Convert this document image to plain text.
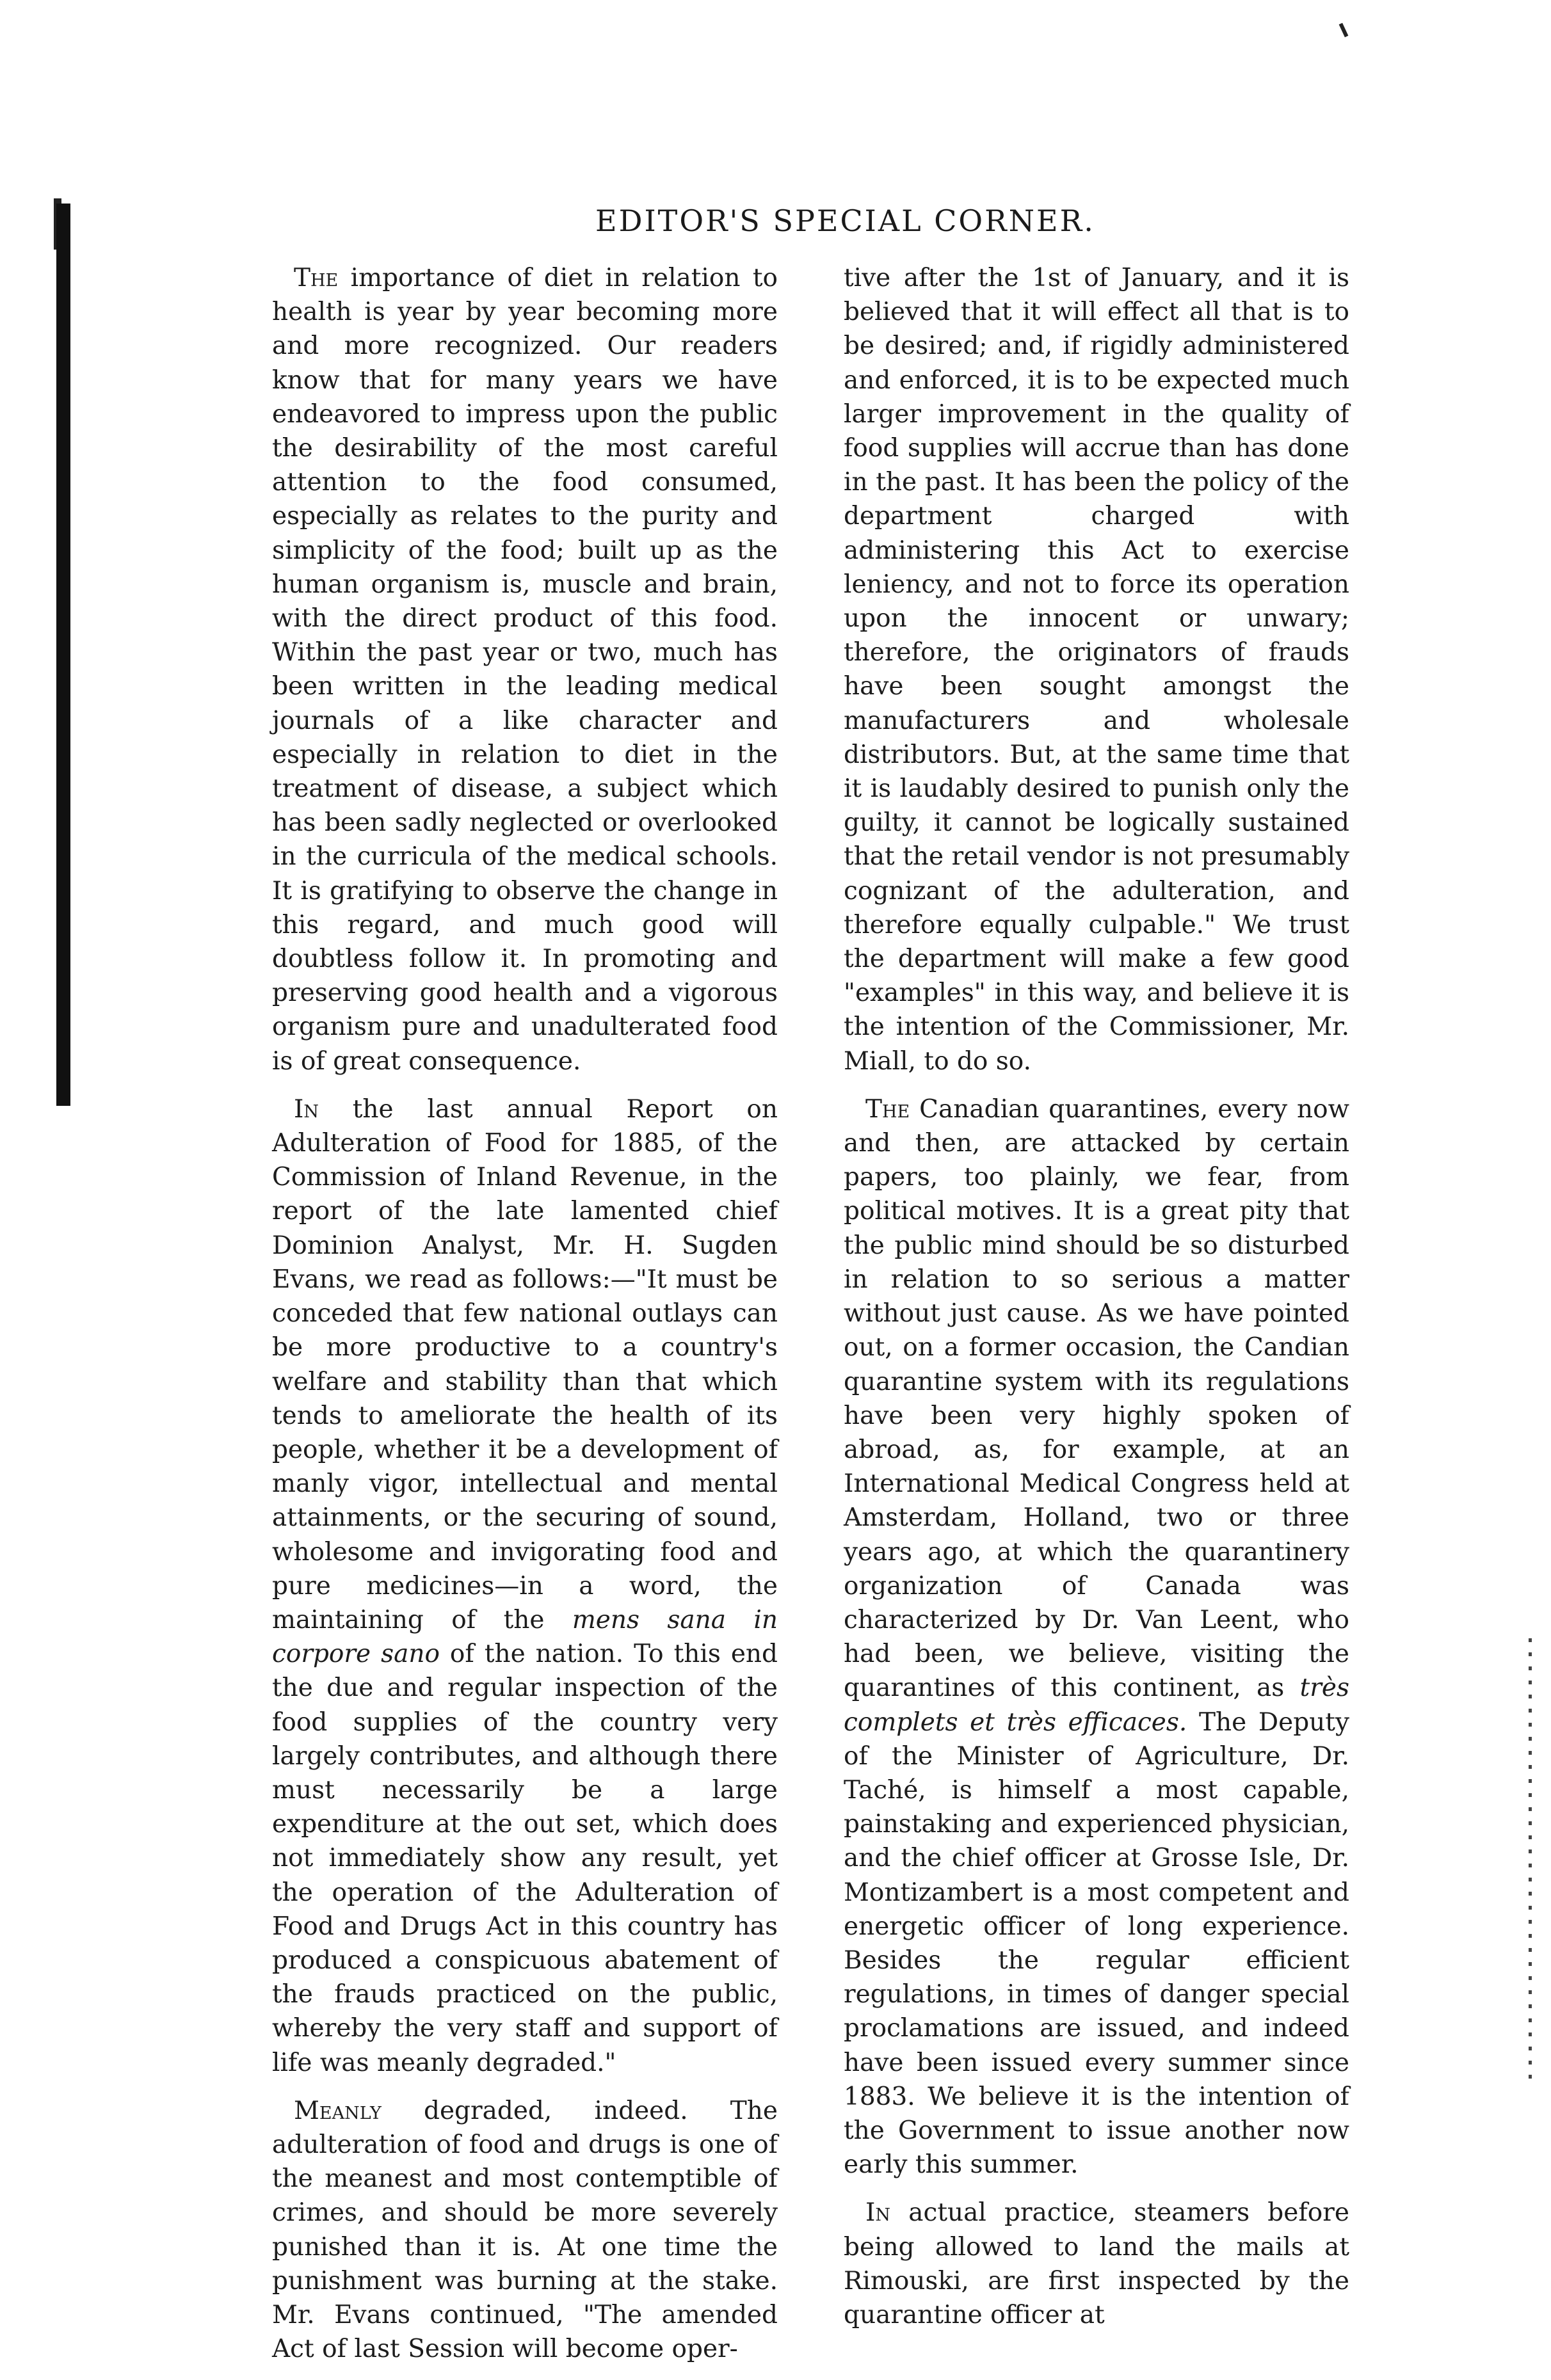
EDITOR'S SPECIAL CORNER.

The importance of diet in relation to health is year by year becoming more and more recognized. Our readers know that for many years we have endeavored to impress upon the public the desirability of the most careful attention to the food consumed, especially as relates to the purity and simplicity of the food; built up as the human organism is, muscle and brain, with the direct product of this food. Within the past year or two, much has been written in the leading medical journals of a like character and especially in relation to diet in the treatment of disease, a subject which has been sadly neglected or overlooked in the curricula of the medical schools. It is gratifying to observe the change in this regard, and much good will doubtless follow it. In promoting and preserving good health and a vigorous organism pure and unadulterated food is of great consequence.

In the last annual Report on Adulteration of Food for 1885, of the Commission of Inland Revenue, in the report of the late lamented chief Dominion Analyst, Mr. H. Sugden Evans, we read as follows:—"It must be conceded that few national outlays can be more productive to a country's welfare and stability than that which tends to ameliorate the health of its people, whether it be a development of manly vigor, intellectual and mental attainments, or the securing of sound, wholesome and invigorating food and pure medicines—in a word, the maintaining of the mens sana in corpore sano of the nation. To this end the due and regular inspection of the food supplies of the country very largely contributes, and although there must necessarily be a large expenditure at the out set, which does not immediately show any result, yet the operation of the Adulteration of Food and Drugs Act in this country has produced a conspicuous abatement of the frauds practiced on the public, whereby the very staff and support of life was meanly degraded."

Meanly degraded, indeed. The adulteration of food and drugs is one of the meanest and most contemptible of crimes, and should be more severely punished than it is. At one time the punishment was burning at the stake. Mr. Evans continued, "The amended Act of last Session will become oper-

tive after the 1st of January, and it is believed that it will effect all that is to be desired; and, if rigidly administered and enforced, it is to be expected much larger improvement in the quality of food supplies will accrue than has done in the past. It has been the policy of the department charged with administering this Act to exercise leniency, and not to force its operation upon the innocent or unwary; therefore, the originators of frauds have been sought amongst the manufacturers and wholesale distributors. But, at the same time that it is laudably desired to punish only the guilty, it cannot be logically sustained that the retail vendor is not presumably cognizant of the adulteration, and therefore equally culpable." We trust the department will make a few good "examples" in this way, and believe it is the intention of the Commissioner, Mr. Miall, to do so.

The Canadian quarantines, every now and then, are attacked by certain papers, too plainly, we fear, from political motives. It is a great pity that the public mind should be so disturbed in relation to so serious a matter without just cause. As we have pointed out, on a former occasion, the Candian quarantine system with its regulations have been very highly spoken of abroad, as, for example, at an International Medical Congress held at Amsterdam, Holland, two or three years ago, at which the quarantinery organization of Canada was characterized by Dr. Van Leent, who had been, we believe, visiting the quarantines of this continent, as très complets et très efficaces. The Deputy of the Minister of Agriculture, Dr. Taché, is himself a most capable, painstaking and experienced physician, and the chief officer at Grosse Isle, Dr. Montizambert is a most competent and energetic officer of long experience. Besides the regular efficient regulations, in times of danger special proclamations are issued, and indeed have been issued every summer since 1883. We believe it is the intention of the Government to issue another now early this summer.

In actual practice, steamers before being allowed to land the mails at Rimouski, are first inspected by the quarantine officer at
